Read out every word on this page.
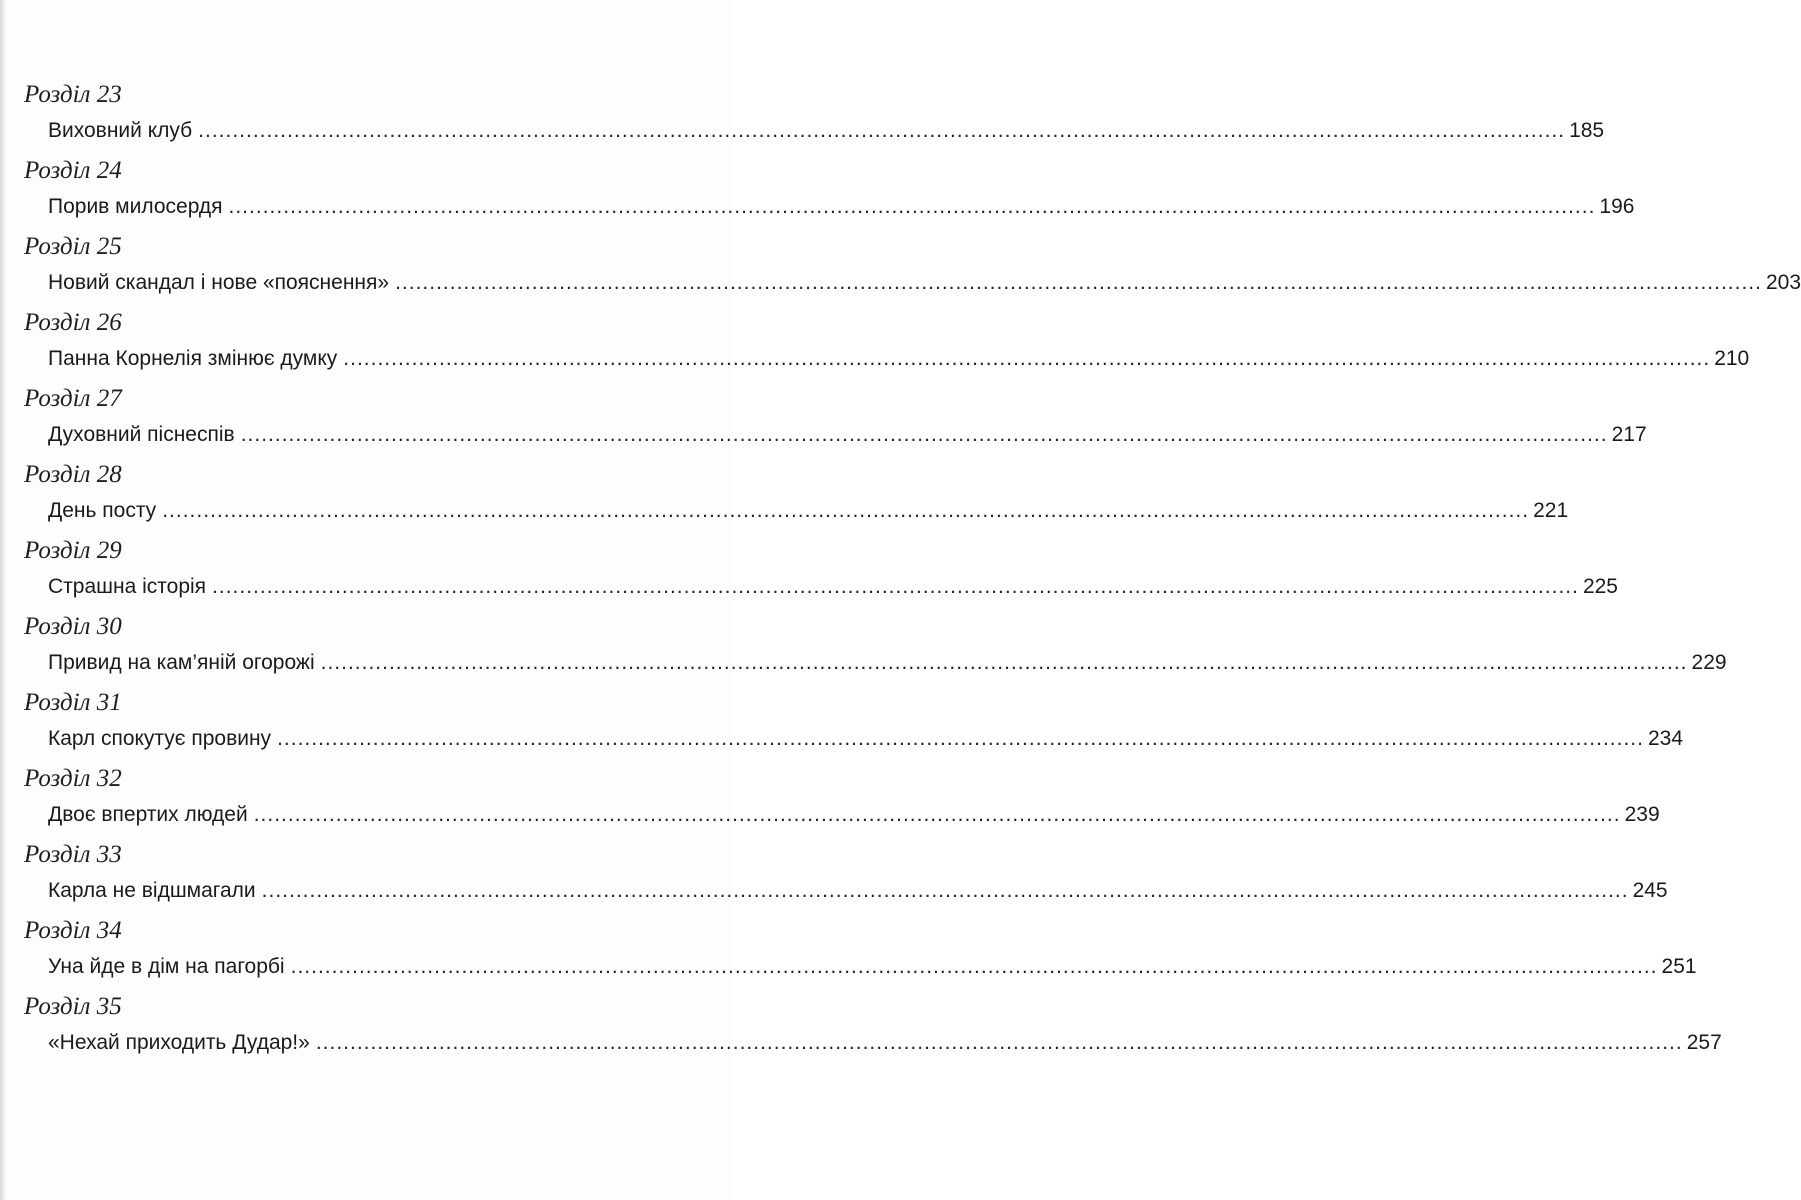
Розділ 23
Виховний клуб ........................................................................................................................................................................................................ 185
Розділ 24
Порив милосердя ........................................................................................................................................................................................................ 196
Розділ 25
Новий скандал і нове «пояснення» ........................................................................................................................................................................................................ 203
Розділ 26
Панна Корнелія змінює думку ........................................................................................................................................................................................................ 210
Розділ 27
Духовний піснеспів ........................................................................................................................................................................................................ 217
Розділ 28
День посту ........................................................................................................................................................................................................ 221
Розділ 29
Страшна історія ........................................................................................................................................................................................................ 225
Розділ 30
Привид на кам’яній огорожі ........................................................................................................................................................................................................ 229
Розділ 31
Карл спокутує провину ........................................................................................................................................................................................................ 234
Розділ 32
Двоє впертих людей ........................................................................................................................................................................................................ 239
Розділ 33
Карла не відшмагали ........................................................................................................................................................................................................ 245
Розділ 34
Уна йде в дім на пагорбі ........................................................................................................................................................................................................ 251
Розділ 35
«Нехай приходить Дудар!» ........................................................................................................................................................................................................ 257
